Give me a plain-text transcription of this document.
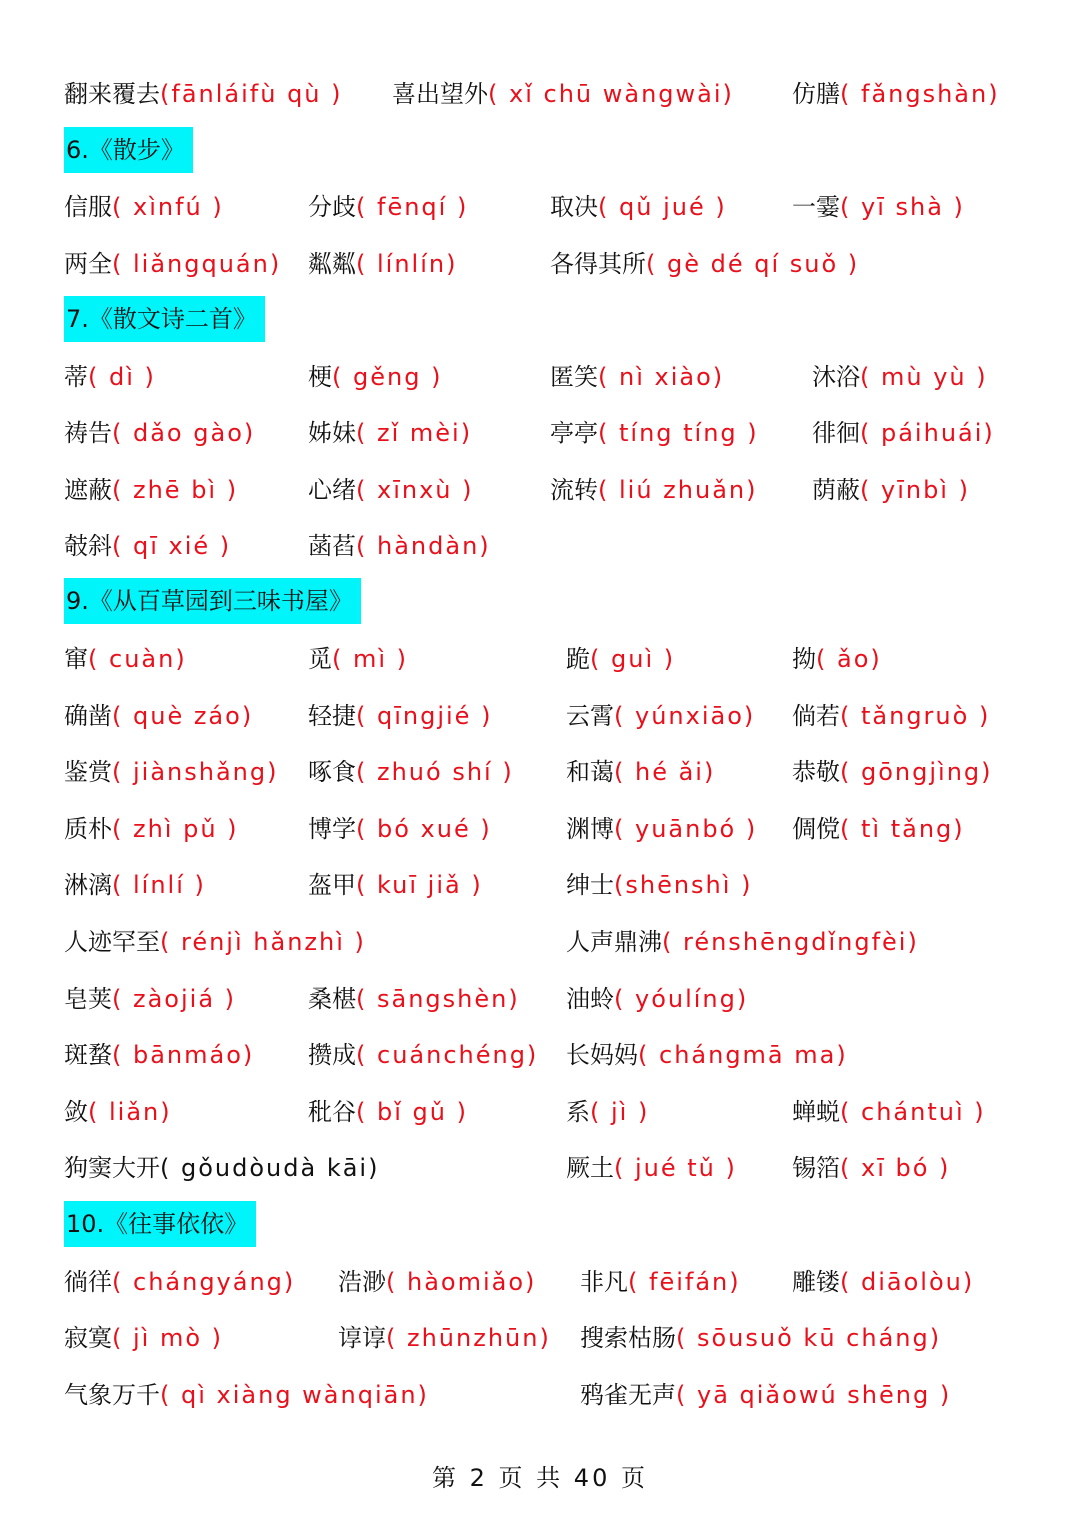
翻来覆去(fānláifù qù ) 喜出望外( xǐ chū wàngwài) 仿膳( fǎngshàn)
6.《散步》
信服( xìnfú )	分歧( fēnqí )	取决( qǔ jué )	一霎( yī shà )
两全( liǎngquán) 粼粼( línlín)	各得其所( gè dé qí suǒ )
7.《散文诗二首》
蒂( dì )	梗( gěng )	匿笑( nì xiào)	沐浴( mù yù )
祷告( dǎo gào) 姊妹( zǐ mèi)	亭亭( tíng tíng ) 徘徊( páihuái)
遮蔽( zhē bì )	心绪( xīnxù )	流转( liú zhuǎn) 荫蔽( yīnbì )
攲斜( qī xié )	菡萏( hàndàn)
9.《从百草园到三味书屋》
窜( cuàn)	觅( mì )	跪( guì )	拗( ǎo)
确凿( què záo) 轻捷( qīngjié )	云霄( yúnxiāo) 倘若( tǎngruò )
鉴赏( jiànshǎng) 啄食( zhuó shí ) 和蔼( hé ǎi)	恭敬( gōngjìng)
质朴( zhì pǔ )	博学( bó xué )	渊博( yuānbó ) 倜傥( tì tǎng)
淋漓( línlí )	盔甲( kuī jiǎ )	绅士(shēnshì )
人迹罕至( rénjì hǎnzhì )	人声鼎沸( rénshēngdǐngfèi)
皂荚( zàojiá )	桑椹( sāngshèn) 油蛉( yóulíng)
斑蝥( bānmáo) 攒成( cuánchéng) 长妈妈( chángmā ma)
敛( liǎn)	秕谷( bǐ gǔ )	系( jì )	蝉蜕( chántuì )
狗窦大开( gǒudòudà kāi)	厥土( jué tǔ ) 锡箔( xī bó )
10.《往事依依》
徜徉( chángyáng) 浩渺( hàomiǎo) 非凡( fēifán) 雕镂( diāolòu)
寂寞( jì mò )	谆谆( zhūnzhūn) 搜索枯肠( sōusuǒ kū cháng)
气象万千( qì xiàng wànqiān)	鸦雀无声( yā qiǎowú shēng )
第 2 页 共 40 页
